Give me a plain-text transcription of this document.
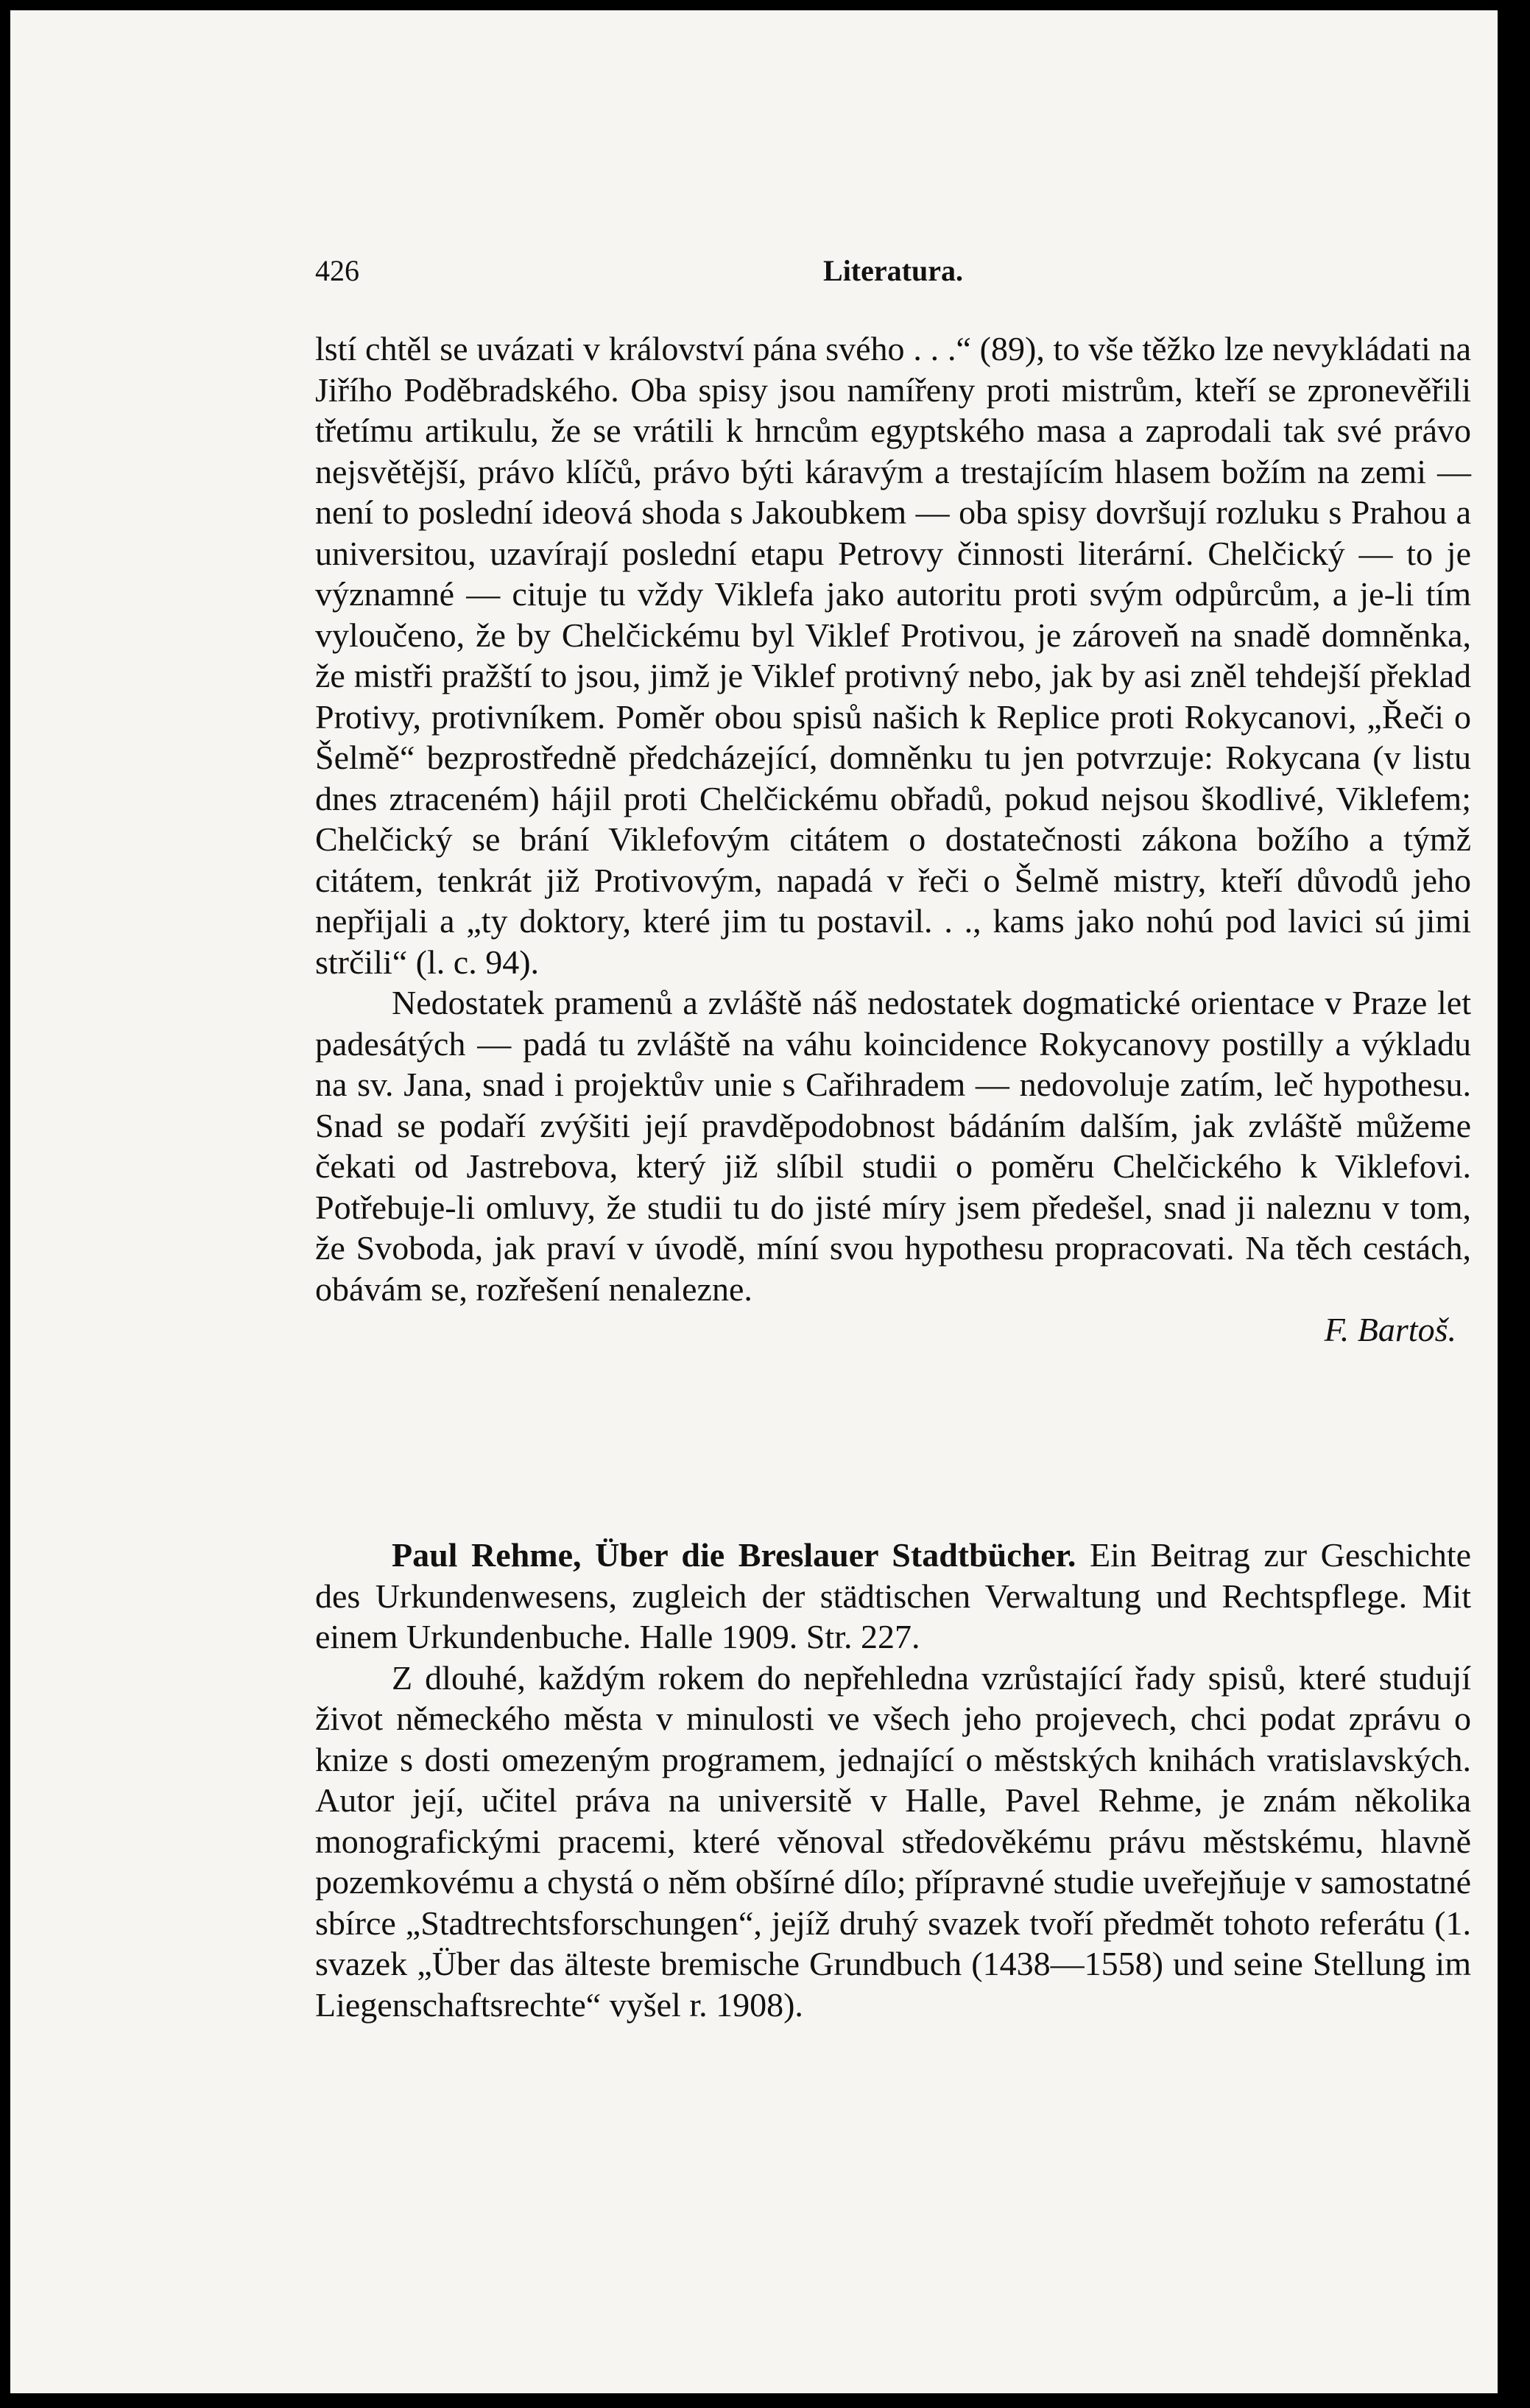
426	Literatura.

lstí chtěl se uvázati v království pána svého . . .“ (89), to vše těžko lze nevykládati na Jiřího Poděbradského. Oba spisy jsou namířeny proti mistrům, kteří se zpronevěřili třetímu artikulu, že se vrátili k hrncům egyptského masa a zaprodali tak své právo nejsvětější, právo klíčů, právo býti káravým a trestajícím hlasem božím na zemi — není to poslední ideová shoda s Jakoubkem — oba spisy dovršují rozluku s Prahou a universitou, uzavírají poslední etapu Petrovy činnosti literární. Chelčický — to je významné — cituje tu vždy Viklefa jako autoritu proti svým odpůrcům, a je-li tím vyloučeno, že by Chelčickému byl Viklef Protivou, je zároveň na snadě domněnka, že mistři pražští to jsou, jimž je Viklef protivný nebo, jak by asi zněl tehdejší překlad Protivy, protivníkem. Poměr obou spisů našich k Replice proti Rokycanovi, „Řeči o Šelmě“ bezprostředně předcházející, domněnku tu jen potvrzuje: Rokycana (v listu dnes ztraceném) hájil proti Chelčickému obřadů, pokud nejsou škodlivé, Viklefem; Chelčický se brání Viklefovým citátem o dostatečnosti zákona božího a týmž citátem, tenkrát již Protivovým, napadá v řeči o Šelmě mistry, kteří důvodů jeho nepřijali a „ty doktory, které jim tu postavil. . ., kams jako nohú pod lavici sú jimi strčili“ (l. c. 94).

Nedostatek pramenů a zvláště náš nedostatek dogmatické orientace v Praze let padesátých — padá tu zvláště na váhu koincidence Rokycanovy postilly a výkladu na sv. Jana, snad i projektův unie s Cařihradem — nedovoluje zatím, leč hypothesu. Snad se podaří zvýšiti její pravděpodobnost bádáním dalším, jak zvláště můžeme čekati od Jastrebova, který již slíbil studii o poměru Chelčického k Viklefovi. Potřebuje-li omluvy, že studii tu do jisté míry jsem předešel, snad ji naleznu v tom, že Svoboda, jak praví v úvodě, míní svou hypothesu propracovati. Na těch cestách, obávám se, rozřešení nenalezne.

F. Bartoš.

Paul Rehme, Über die Breslauer Stadtbücher. Ein Beitrag zur Geschichte des Urkundenwesens, zugleich der städtischen Verwaltung und Rechtspflege. Mit einem Urkundenbuche. Halle 1909. Str. 227.

Z dlouhé, každým rokem do nepřehledna vzrůstající řady spisů, které studují život německého města v minulosti ve všech jeho projevech, chci podat zprávu o knize s dosti omezeným programem, jednající o městských knihách vratislavských. Autor její, učitel práva na universitě v Halle, Pavel Rehme, je znám několika monografickými pracemi, které věnoval středověkému právu městskému, hlavně pozemkovému a chystá o něm obšírné dílo; přípravné studie uveřejňuje v samostatné sbírce „Stadtrechtsforschungen“, jejíž druhý svazek tvoří předmět tohoto referátu (1. svazek „Über das älteste bremische Grundbuch (1438—1558) und seine Stellung im Liegenschaftsrechte“ vyšel r. 1908).
